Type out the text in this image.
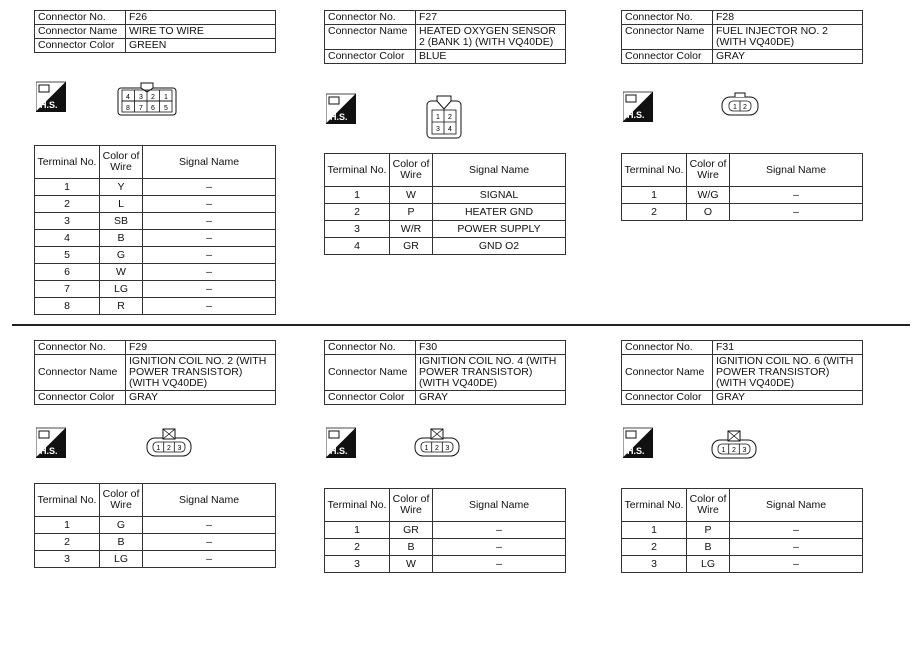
Connector No.	F26
Connector Name	WIRE TO WIRE
Connector Color	GREEN
H.S.
4 3 2 1
8 7 6 5
Terminal No.	Color of Wire	Signal Name
1	Y	–
2	L	–
3	SB	–
4	B	–
5	G	–
6	W	–
7	LG	–
8	R	–
Connector No.	F27
Connector Name	HEATED OXYGEN SENSOR 2 (BANK 1) (WITH VQ40DE)
Connector Color	BLUE
H.S.	1 2
3 4
Terminal No.	Color of Wire	Signal Name
1	W	SIGNAL
2	P	HEATER GND
3	W/R	POWER SUPPLY
4	GR	GND O2
Connector No.	F28
Connector Name	FUEL INJECTOR NO. 2 (WITH VQ40DE)
Connector Color	GRAY
H.S.
1 2
Terminal No.	Color of Wire	Signal Name
1	W/G	–
2	O	–
Connector No.	F29
Connector Name	IGNITION COIL NO. 2 (WITH POWER TRANSISTOR) (WITH VQ40DE)
Connector Color	GRAY
H.S.	1 2 3
Terminal No.	Color of Wire	Signal Name
1	G	–
2	B	–
3	LG	–
Connector No.	F30
Connector Name	IGNITION COIL NO. 4 (WITH POWER TRANSISTOR) (WITH VQ40DE)
Connector Color	GRAY
H.S.	1 2 3
Terminal No.	Color of Wire	Signal Name
1	GR	–
2	B	–
3	W	–
Connector No.	F31
Connector Name	IGNITION COIL NO. 6 (WITH POWER TRANSISTOR) (WITH VQ40DE)
Connector Color	GRAY
H.S.	1 2 3
Terminal No.	Color of Wire	Signal Name
1	P	–
2	B	–
3	LG	–
